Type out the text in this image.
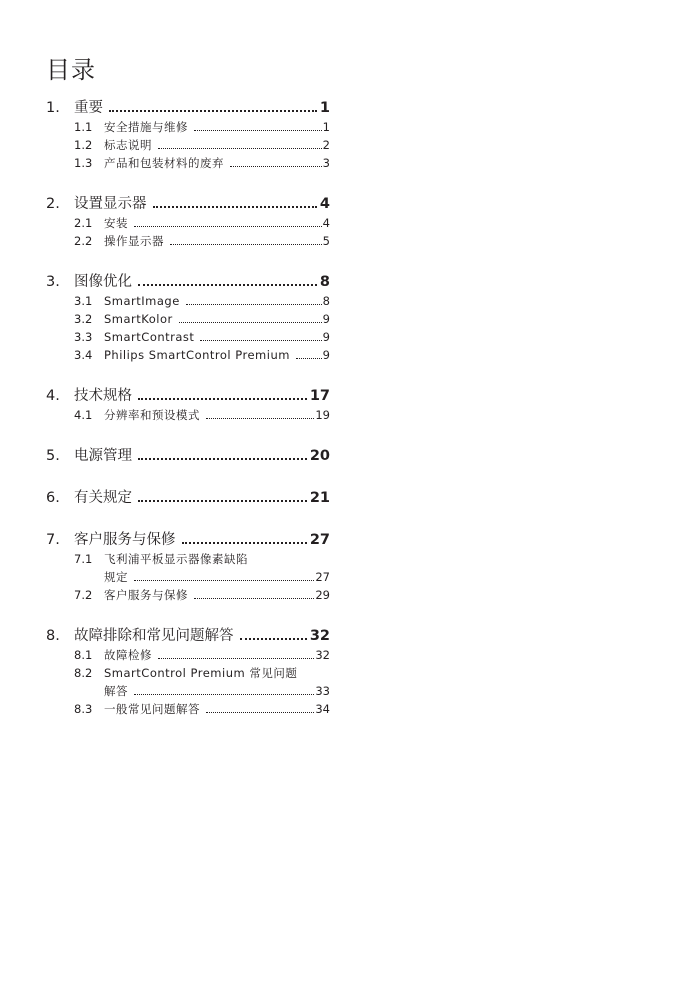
目录
1. 重要	1
1.1	安全措施与维修	1
1.2	标志说明	2
1.3	产品和包装材料的废弃	3
2. 设置显示器	4
2.1	安装	4
2.2	操作显示器	5
3. 图像优化	8
3.1	SmartImage	8
3.2	SmartKolor	9
3.3	SmartContrast	9
3.4	Philips SmartControl Premium	9
4. 技术规格	17
4.1	分辨率和预设模式	19
5. 电源管理	20
6. 有关规定	21
7. 客户服务与保修	27
7.1	飞利浦平板显示器像素缺陷
规定	27
7.2	客户服务与保修	29
8. 故障排除和常见问题解答	32
8.1	故障检修	32
8.2	SmartControl Premium 常见问题
解答	33
8.3	一般常见问题解答	34
